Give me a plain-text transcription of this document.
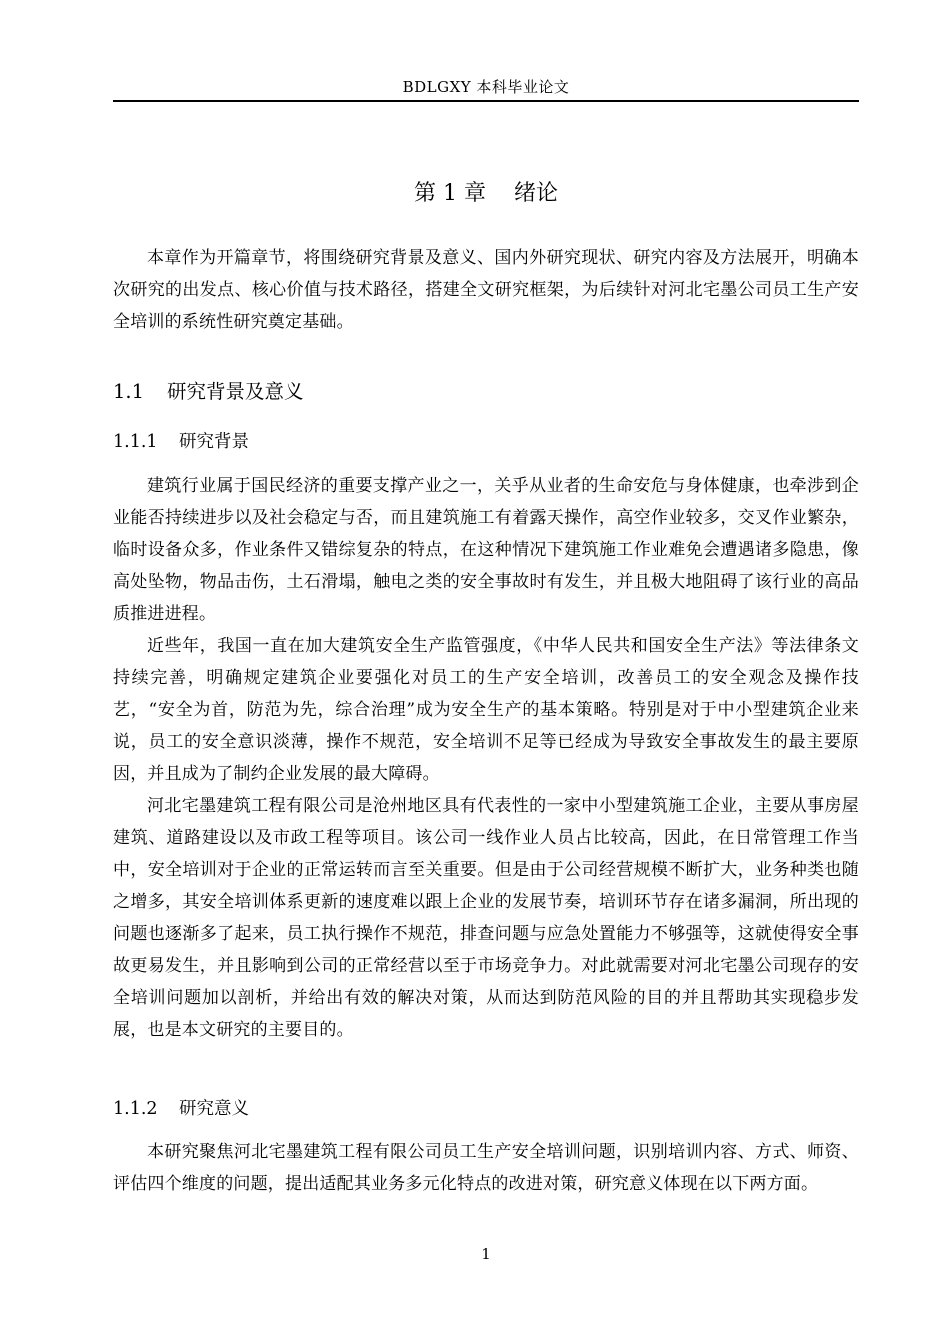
BDLGXY 本科毕业论文
第 1 章 绪论

本章作为开篇章节，将围绕研究背景及意义、国内外研究现状、研究内容及方法展开，明确本次研究的出发点、核心价值与技术路径，搭建全文研究框架，为后续针对河北宅墨公司员工生产安全培训的系统性研究奠定基础。

1.1 研究背景及意义
1.1.1 研究背景

建筑行业属于国民经济的重要支撑产业之一，关乎从业者的生命安危与身体健康，也牵涉到企业能否持续进步以及社会稳定与否，而且建筑施工有着露天操作，高空作业较多，交叉作业繁杂，临时设备众多，作业条件又错综复杂的特点，在这种情况下建筑施工作业难免会遭遇诸多隐患，像高处坠物，物品击伤，土石滑塌，触电之类的安全事故时有发生，并且极大地阻碍了该行业的高品质推进进程。

近些年，我国一直在加大建筑安全生产监管强度，《中华人民共和国安全生产法》等法律条文持续完善，明确规定建筑企业要强化对员工的生产安全培训，改善员工的安全观念及操作技艺，“安全为首，防范为先，综合治理”成为安全生产的基本策略。特别是对于中小型建筑企业来说，员工的安全意识淡薄，操作不规范，安全培训不足等已经成为导致安全事故发生的最主要原因，并且成为了制约企业发展的最大障碍。

河北宅墨建筑工程有限公司是沧州地区具有代表性的一家中小型建筑施工企业，主要从事房屋建筑、道路建设以及市政工程等项目。该公司一线作业人员占比较高，因此，在日常管理工作当中，安全培训对于企业的正常运转而言至关重要。但是由于公司经营规模不断扩大，业务种类也随之增多，其安全培训体系更新的速度难以跟上企业的发展节奏，培训环节存在诸多漏洞，所出现的问题也逐渐多了起来，员工执行操作不规范，排查问题与应急处置能力不够强等，这就使得安全事故更易发生，并且影响到公司的正常经营以至于市场竞争力。对此就需要对河北宅墨公司现存的安全培训问题加以剖析，并给出有效的解决对策，从而达到防范风险的目的并且帮助其实现稳步发展，也是本文研究的主要目的。

1.1.2 研究意义

本研究聚焦河北宅墨建筑工程有限公司员工生产安全培训问题，识别培训内容、方式、师资、评估四个维度的问题，提出适配其业务多元化特点的改进对策，研究意义体现在以下两方面。

1
